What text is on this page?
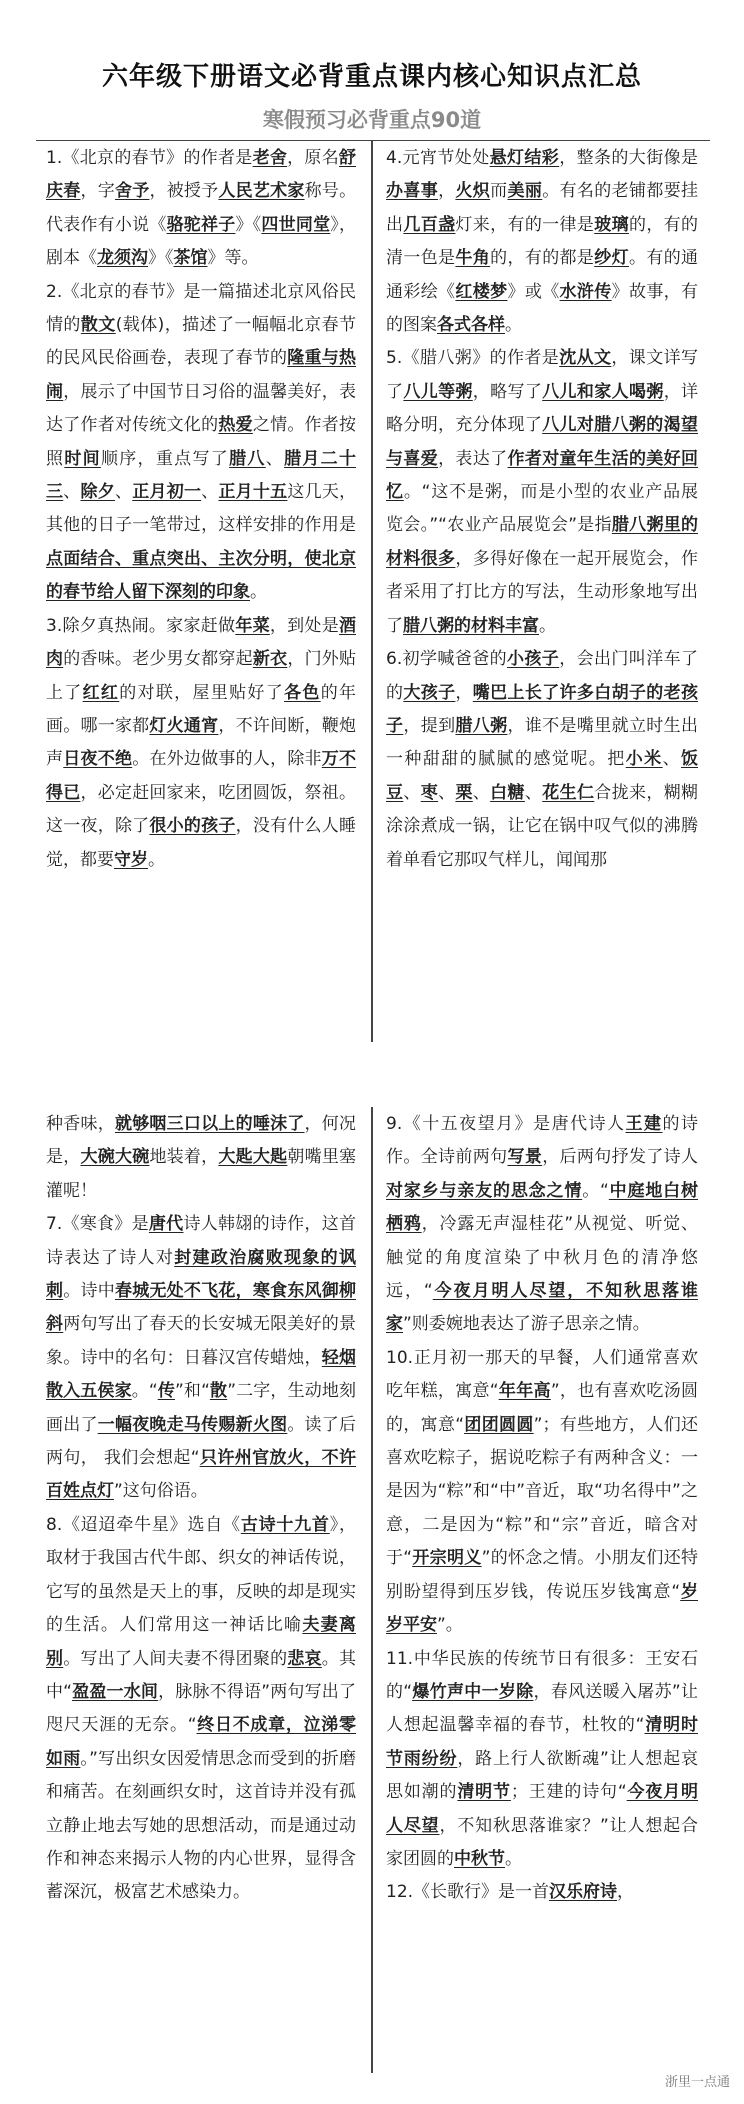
六年级下册语文必背重点课内核心知识点汇总
寒假预习必背重点90道

1.《北京的春节》的作者是老舍，原名舒庆春，字舍予，被授予人民艺术家称号。代表作有小说《骆驼祥子》《四世同堂》，剧本《龙须沟》《茶馆》等。

2.《北京的春节》是一篇描述北京风俗民情的散文(载体)，描述了一幅幅北京春节的民风民俗画卷，表现了春节的隆重与热闹，展示了中国节日习俗的温馨美好，表达了作者对传统文化的热爱之情。作者按照时间顺序，重点写了腊八、腊月二十三、除夕、正月初一、正月十五这几天，其他的日子一笔带过，这样安排的作用是点面结合、重点突出、主次分明，使北京的春节给人留下深刻的印象。

3.除夕真热闹。家家赶做年菜，到处是酒肉的香味。老少男女都穿起新衣，门外贴上了红红的对联，屋里贴好了各色的年画。哪一家都灯火通宵，不许间断，鞭炮声日夜不绝。在外边做事的人，除非万不得已，必定赶回家来，吃团圆饭，祭祖。这一夜，除了很小的孩子，没有什么人睡觉，都要守岁。

4.元宵节处处悬灯结彩，整条的大街像是办喜事，火炽而美丽。有名的老铺都要挂出几百盏灯来，有的一律是玻璃的，有的清一色是牛角的，有的都是纱灯。有的通通彩绘《红楼梦》或《水浒传》故事，有的图案各式各样。

5.《腊八粥》的作者是沈从文，课文详写了八儿等粥，略写了八儿和家人喝粥，详略分明，充分体现了八儿对腊八粥的渴望与喜爱，表达了作者对童年生活的美好回忆。“这不是粥，而是小型的农业产品展览会。”“农业产品展览会”是指腊八粥里的材料很多，多得好像在一起开展览会，作者采用了打比方的写法，生动形象地写出了腊八粥的材料丰富。

6.初学喊爸爸的小孩子，会出门叫洋车了的大孩子，嘴巴上长了许多白胡子的老孩子，提到腊八粥，谁不是嘴里就立时生出一种甜甜的腻腻的感觉呢。把小米、饭豆、枣、栗、白糖、花生仁合拢来，糊糊涂涂煮成一锅，让它在锅中叹气似的沸腾着单看它那叹气样儿，闻闻那

种香味，就够咽三口以上的唾沫了，何况是，大碗大碗地装着，大匙大匙朝嘴里塞灌呢！

7.《寒食》是唐代诗人韩翃的诗作，这首诗表达了诗人对封建政治腐败现象的讽刺。诗中春城无处不飞花，寒食东风御柳斜两句写出了春天的长安城无限美好的景象。诗中的名句：日暮汉宫传蜡烛，轻烟散入五侯家。“传”和“散”二字，生动地刻画出了一幅夜晚走马传赐新火图。读了后两句， 我们会想起“只许州官放火，不许百姓点灯”这句俗语。

8.《迢迢牵牛星》选自《古诗十九首》，取材于我国古代牛郎、织女的神话传说，它写的虽然是天上的事，反映的却是现实的生活。人们常用这一神话比喻夫妻离别。写出了人间夫妻不得团聚的悲哀。其中“盈盈一水间，脉脉不得语”两句写出了咫尺天涯的无奈。“终日不成章，泣涕零如雨。”写出织女因爱情思念而受到的折磨和痛苦。在刻画织女时，这首诗并没有孤立静止地去写她的思想活动，而是通过动作和神态来揭示人物的内心世界，显得含蓄深沉，极富艺术感染力。

9.《十五夜望月》是唐代诗人王建的诗作。全诗前两句写景，后两句抒发了诗人对家乡与亲友的思念之情。“中庭地白树栖鸦，冷露无声湿桂花”从视觉、听觉、触觉的角度渲染了中秋月色的清净悠远，“今夜月明人尽望，不知秋思落谁家”则委婉地表达了游子思亲之情。

10.正月初一那天的早餐，人们通常喜欢吃年糕，寓意“年年高”，也有喜欢吃汤圆的，寓意“团团圆圆”；有些地方，人们还喜欢吃粽子，据说吃粽子有两种含义：一是因为“粽”和“中”音近，取“功名得中”之意，二是因为“粽”和“宗”音近，暗含对于“开宗明义”的怀念之情。小朋友们还特别盼望得到压岁钱，传说压岁钱寓意“岁岁平安”。

11.中华民族的传统节日有很多：王安石的“爆竹声中一岁除，春风送暖入屠苏”让人想起温馨幸福的春节，杜牧的“清明时节雨纷纷，路上行人欲断魂”让人想起哀思如潮的清明节；王建的诗句“今夜月明人尽望，不知秋思落谁家？”让人想起合家团圆的中秋节。

12.《长歌行》是一首汉乐府诗，

浙里一点通
